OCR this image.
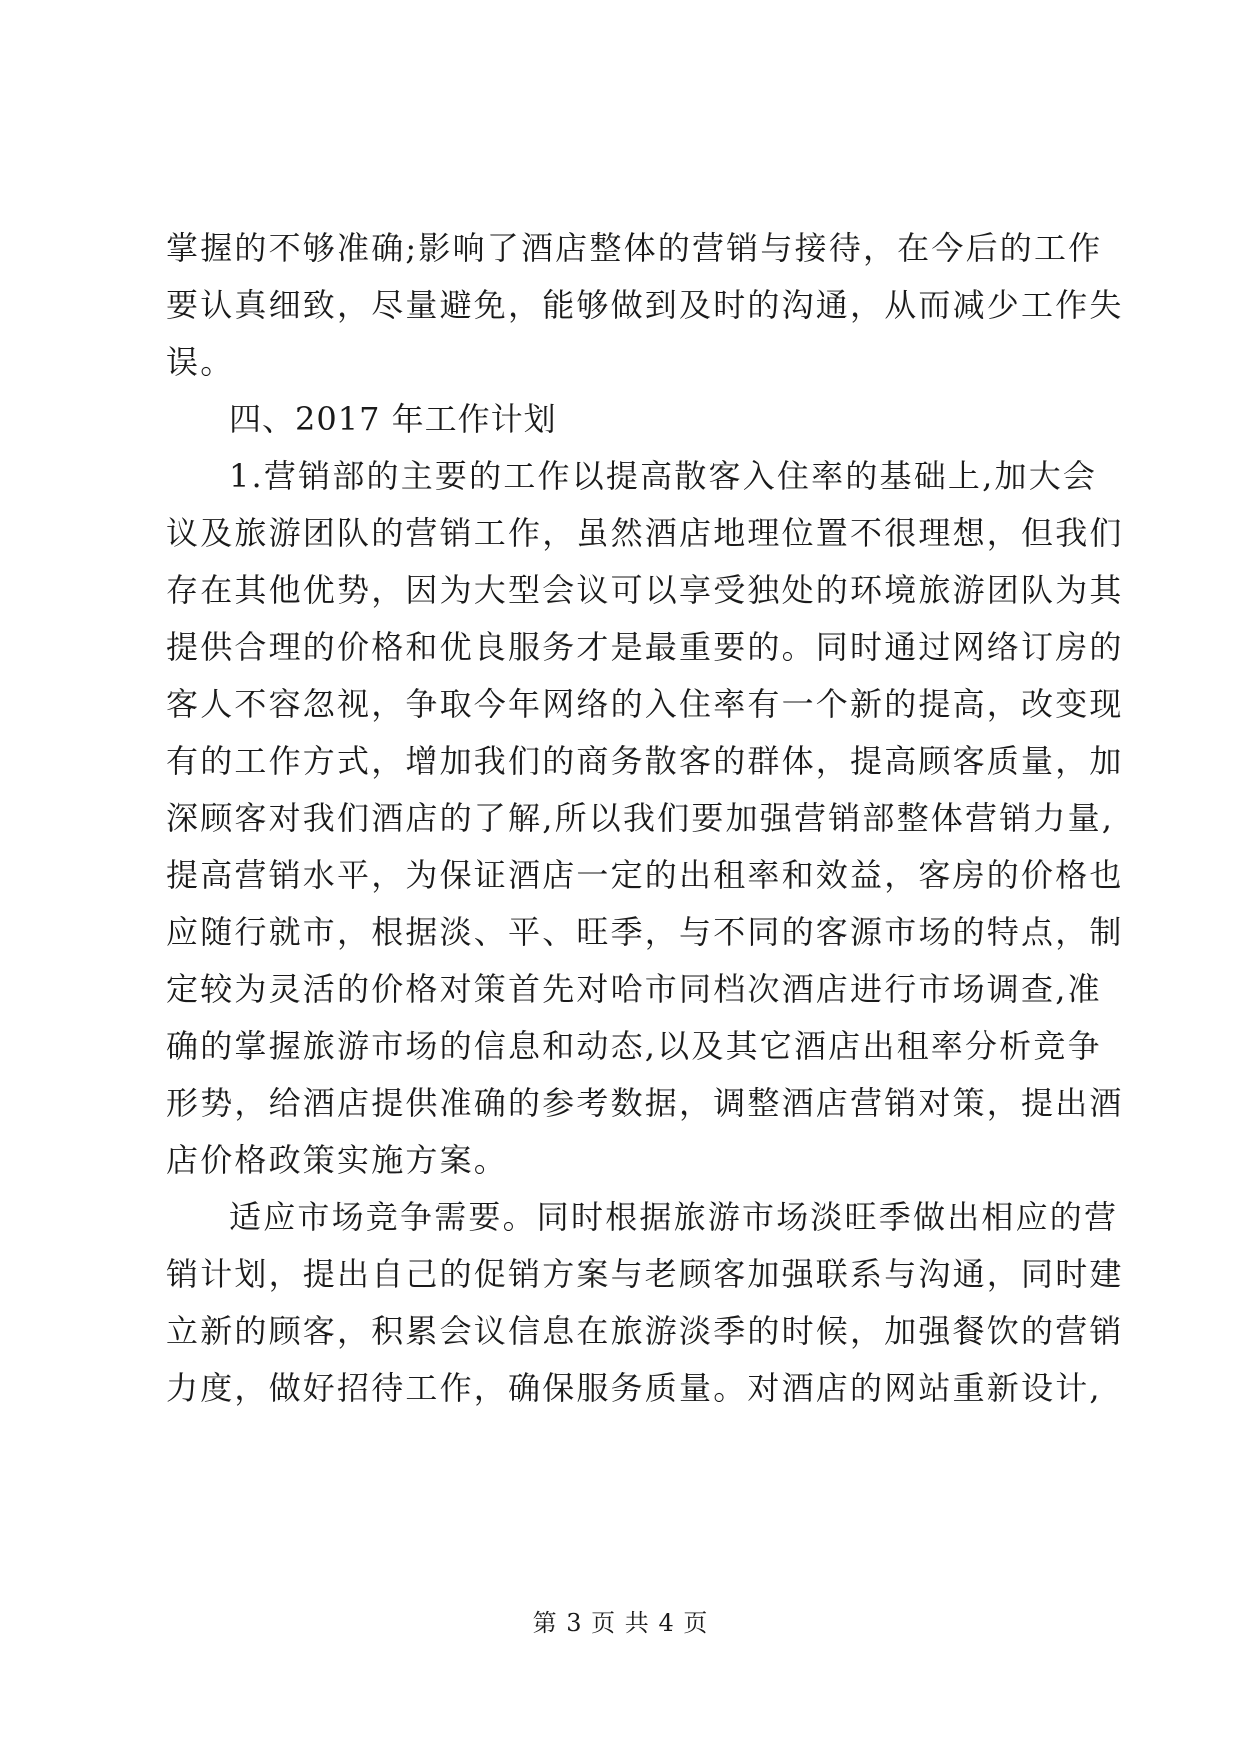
掌握的不够准确;影响了酒店整体的营销与接待，在今后的工作
要认真细致，尽量避免，能够做到及时的沟通，从而减少工作失
误。
四、2017 年工作计划
1.营销部的主要的工作以提高散客入住率的基础上,加大会
议及旅游团队的营销工作，虽然酒店地理位置不很理想，但我们
存在其他优势，因为大型会议可以享受独处的环境旅游团队为其
提供合理的价格和优良服务才是最重要的。同时通过网络订房的
客人不容忽视，争取今年网络的入住率有一个新的提高，改变现
有的工作方式，增加我们的商务散客的群体，提高顾客质量，加
深顾客对我们酒店的了解,所以我们要加强营销部整体营销力量,
提高营销水平，为保证酒店一定的出租率和效益，客房的价格也
应随行就市，根据淡、平、旺季，与不同的客源市场的特点，制
定较为灵活的价格对策首先对哈市同档次酒店进行市场调查,准
确的掌握旅游市场的信息和动态,以及其它酒店出租率分析竞争
形势，给酒店提供准确的参考数据，调整酒店营销对策，提出酒
店价格政策实施方案。
适应市场竞争需要。同时根据旅游市场淡旺季做出相应的营
销计划，提出自己的促销方案与老顾客加强联系与沟通，同时建
立新的顾客，积累会议信息在旅游淡季的时候，加强餐饮的营销
力度，做好招待工作，确保服务质量。对酒店的网站重新设计,
第 3 页 共 4 页
